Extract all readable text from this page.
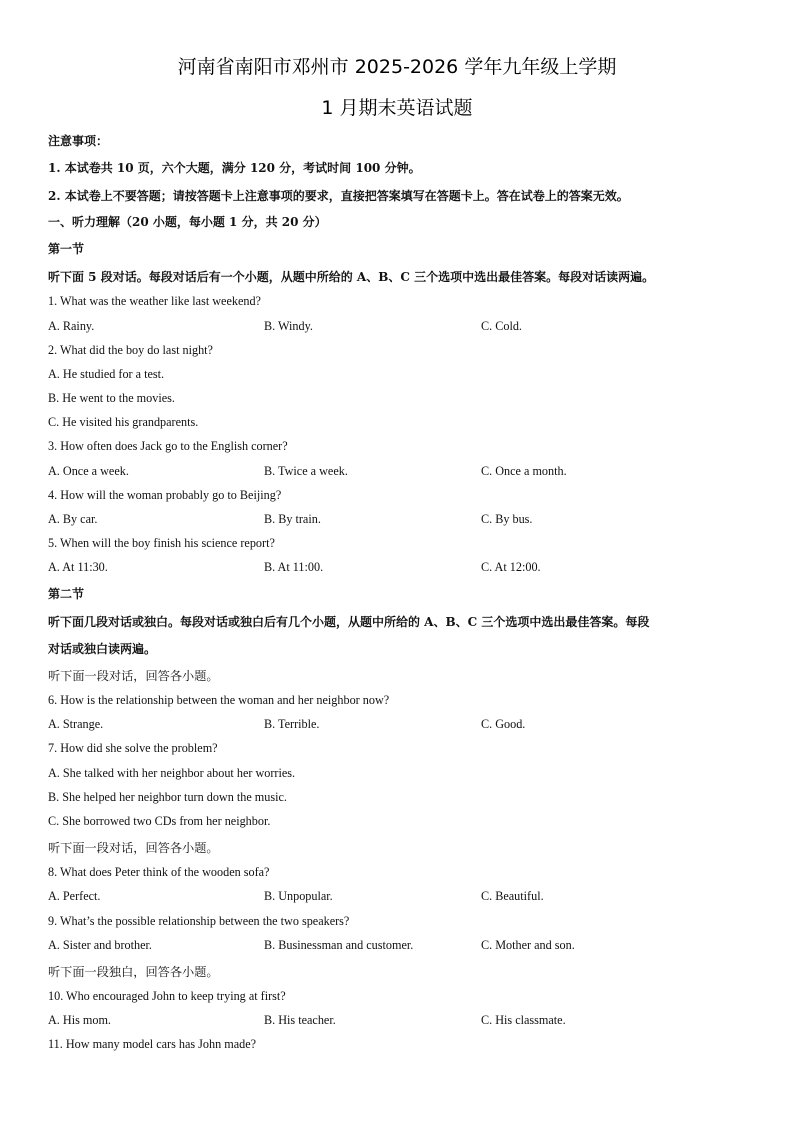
河南省南阳市邓州市 2025-2026 学年九年级上学期
1 月期末英语试题
注意事项：
1. 本试卷共 10 页，六个大题，满分 120 分，考试时间 100 分钟。
2. 本试卷上不要答题；请按答题卡上注意事项的要求，直接把答案填写在答题卡上。答在试卷上的答案无效。
一、听力理解（20 小题，每小题 1 分，共 20 分）
第一节
听下面 5 段对话。每段对话后有一个小题，从题中所给的 A、B、C 三个选项中选出最佳答案。每段对话读两遍。
1. What was the weather like last weekend?
A. Rainy.	B. Windy.	C. Cold.
2. What did the boy do last night?
A. He studied for a test.
B. He went to the movies.
C. He visited his grandparents.
3. How often does Jack go to the English corner?
A. Once a week.	B. Twice a week.	C. Once a month.
4. How will the woman probably go to Beijing?
A. By car.	B. By train.	C. By bus.
5. When will the boy finish his science report?
A. At 11:30.	B. At 11:00.	C. At 12:00.
第二节
听下面几段对话或独白。每段对话或独白后有几个小题，从题中所给的 A、B、C 三个选项中选出最佳答案。每段
对话或独白读两遍。
听下面一段对话，回答各小题。
6. How is the relationship between the woman and her neighbor now?
A. Strange.	B. Terrible.	C. Good.
7. How did she solve the problem?
A. She talked with her neighbor about her worries.
B. She helped her neighbor turn down the music.
C. She borrowed two CDs from her neighbor.
听下面一段对话，回答各小题。
8. What does Peter think of the wooden sofa?
A. Perfect.	B. Unpopular.	C. Beautiful.
9. What’s the possible relationship between the two speakers?
A. Sister and brother.	B. Businessman and customer.	C. Mother and son.
听下面一段独白，回答各小题。
10. Who encouraged John to keep trying at first?
A. His mom.	B. His teacher.	C. His classmate.
11. How many model cars has John made?
